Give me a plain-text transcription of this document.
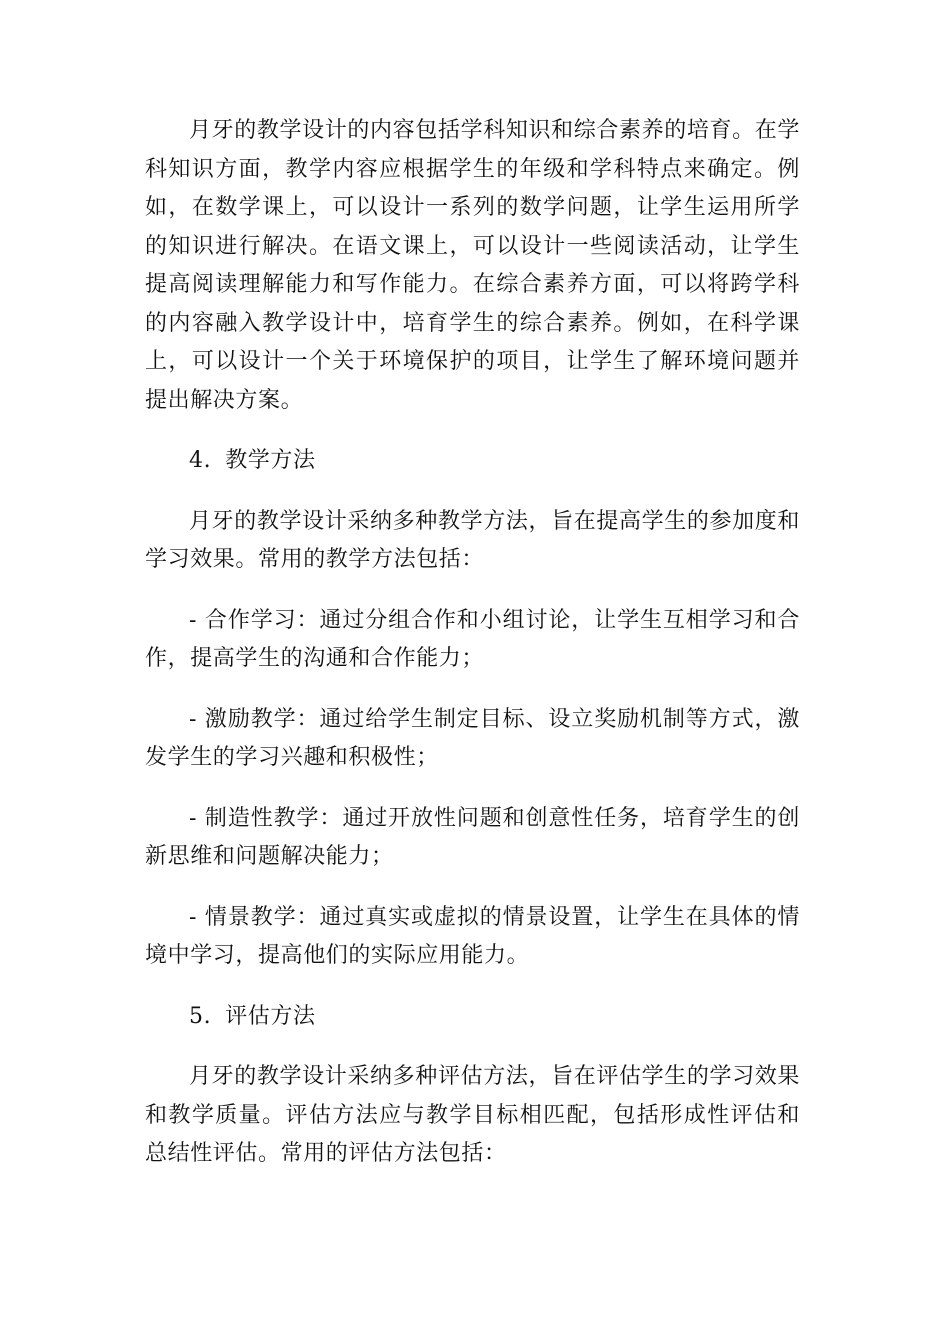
月牙的教学设计的内容包括学科知识和综合素养的培育。在学科知识方面，教学内容应根据学生的年级和学科特点来确定。例如，在数学课上，可以设计一系列的数学问题，让学生运用所学的知识进行解决。在语文课上，可以设计一些阅读活动，让学生提高阅读理解能力和写作能力。在综合素养方面，可以将跨学科的内容融入教学设计中，培育学生的综合素养。例如，在科学课上，可以设计一个关于环境保护的项目，让学生了解环境问题并提出解决方案。

4. 教学方法

月牙的教学设计采纳多种教学方法，旨在提高学生的参加度和学习效果。常用的教学方法包括：

- 合作学习：通过分组合作和小组讨论，让学生互相学习和合作，提高学生的沟通和合作能力；

- 激励教学：通过给学生制定目标、设立奖励机制等方式，激发学生的学习兴趣和积极性；

- 制造性教学：通过开放性问题和创意性任务，培育学生的创新思维和问题解决能力；

- 情景教学：通过真实或虚拟的情景设置，让学生在具体的情境中学习，提高他们的实际应用能力。

5. 评估方法

月牙的教学设计采纳多种评估方法，旨在评估学生的学习效果和教学质量。评估方法应与教学目标相匹配，包括形成性评估和总结性评估。常用的评估方法包括：
